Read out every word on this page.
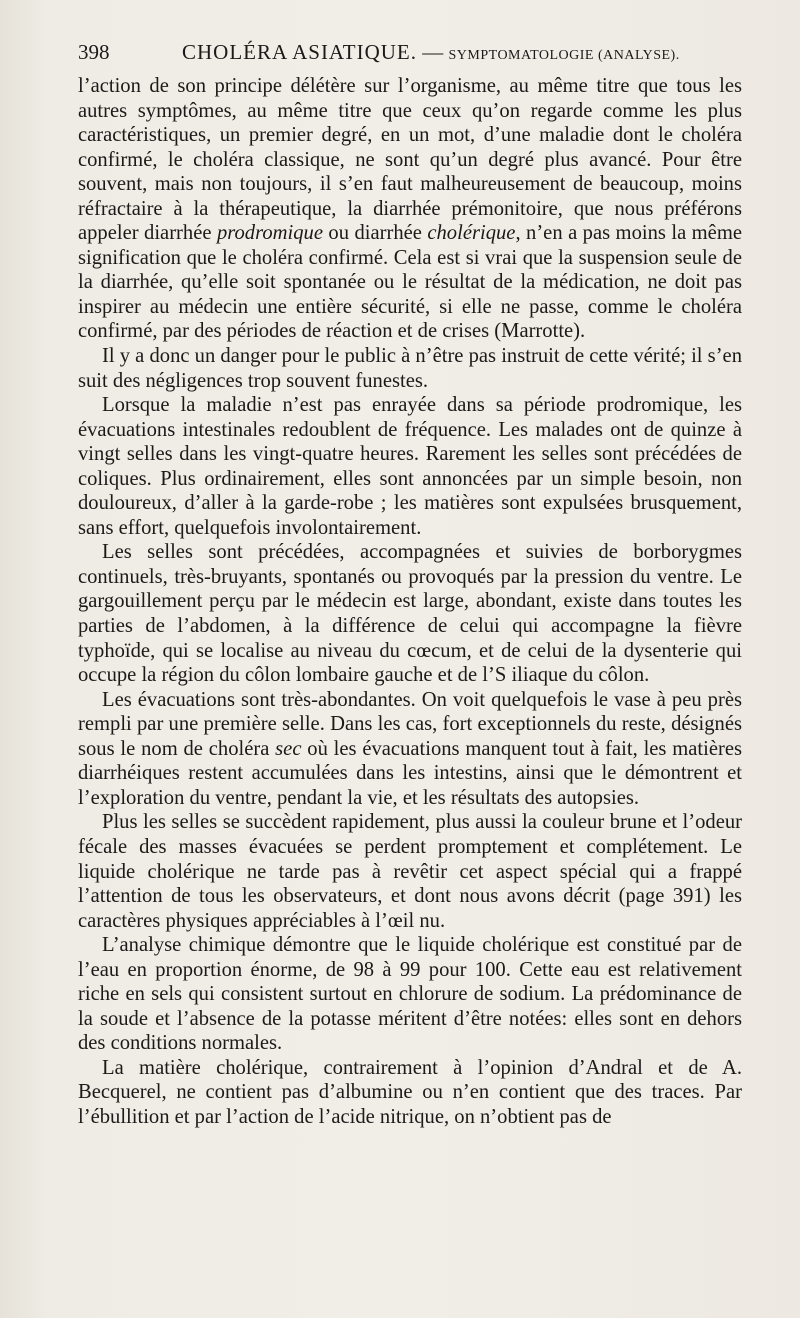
398	CHOLÉRA ASIATIQUE. — SYMPTOMATOLOGIE (ANALYSE).

l’action de son principe délétère sur l’organisme, au même titre que tous les autres symptômes, au même titre que ceux qu’on regarde comme les plus caractéristiques, un premier degré, en un mot, d’une maladie dont le choléra confirmé, le choléra classique, ne sont qu’un degré plus avancé. Pour être souvent, mais non toujours, il s’en faut malheureusement de beaucoup, moins réfractaire à la thérapeutique, la diarrhée prémonitoire, que nous préférons appeler diarrhée prodromique ou diarrhée cholérique, n’en a pas moins la même signification que le choléra confirmé. Cela est si vrai que la suspension seule de la diarrhée, qu’elle soit spontanée ou le résultat de la médication, ne doit pas inspirer au médecin une entière sécurité, si elle ne passe, comme le choléra confirmé, par des périodes de réaction et de crises (Marrotte).

Il y a donc un danger pour le public à n’être pas instruit de cette vérité; il s’en suit des négligences trop souvent funestes.

Lorsque la maladie n’est pas enrayée dans sa période prodromique, les évacuations intestinales redoublent de fréquence. Les malades ont de quinze à vingt selles dans les vingt-quatre heures. Rarement les selles sont précédées de coliques. Plus ordinairement, elles sont annoncées par un simple besoin, non douloureux, d’aller à la garde-robe ; les matières sont expulsées brusquement, sans effort, quelquefois involontairement.

Les selles sont précédées, accompagnées et suivies de borborygmes continuels, très-bruyants, spontanés ou provoqués par la pression du ventre. Le gargouillement perçu par le médecin est large, abondant, existe dans toutes les parties de l’abdomen, à la différence de celui qui accompagne la fièvre typhoïde, qui se localise au niveau du cœcum, et de celui de la dysenterie qui occupe la région du côlon lombaire gauche et de l’S iliaque du côlon.

Les évacuations sont très-abondantes. On voit quelquefois le vase à peu près rempli par une première selle. Dans les cas, fort exceptionnels du reste, désignés sous le nom de choléra sec où les évacuations manquent tout à fait, les matières diarrhéiques restent accumulées dans les intestins, ainsi que le démontrent et l’exploration du ventre, pendant la vie, et les résultats des autopsies.

Plus les selles se succèdent rapidement, plus aussi la couleur brune et l’odeur fécale des masses évacuées se perdent promptement et complétement. Le liquide cholérique ne tarde pas à revêtir cet aspect spécial qui a frappé l’attention de tous les observateurs, et dont nous avons décrit (page 391) les caractères physiques appréciables à l’œil nu.

L’analyse chimique démontre que le liquide cholérique est constitué par de l’eau en proportion énorme, de 98 à 99 pour 100. Cette eau est relativement riche en sels qui consistent surtout en chlorure de sodium. La prédominance de la soude et l’absence de la potasse méritent d’être notées: elles sont en dehors des conditions normales.

La matière cholérique, contrairement à l’opinion d’Andral et de A. Becquerel, ne contient pas d’albumine ou n’en contient que des traces. Par l’ébullition et par l’action de l’acide nitrique, on n’obtient pas de
